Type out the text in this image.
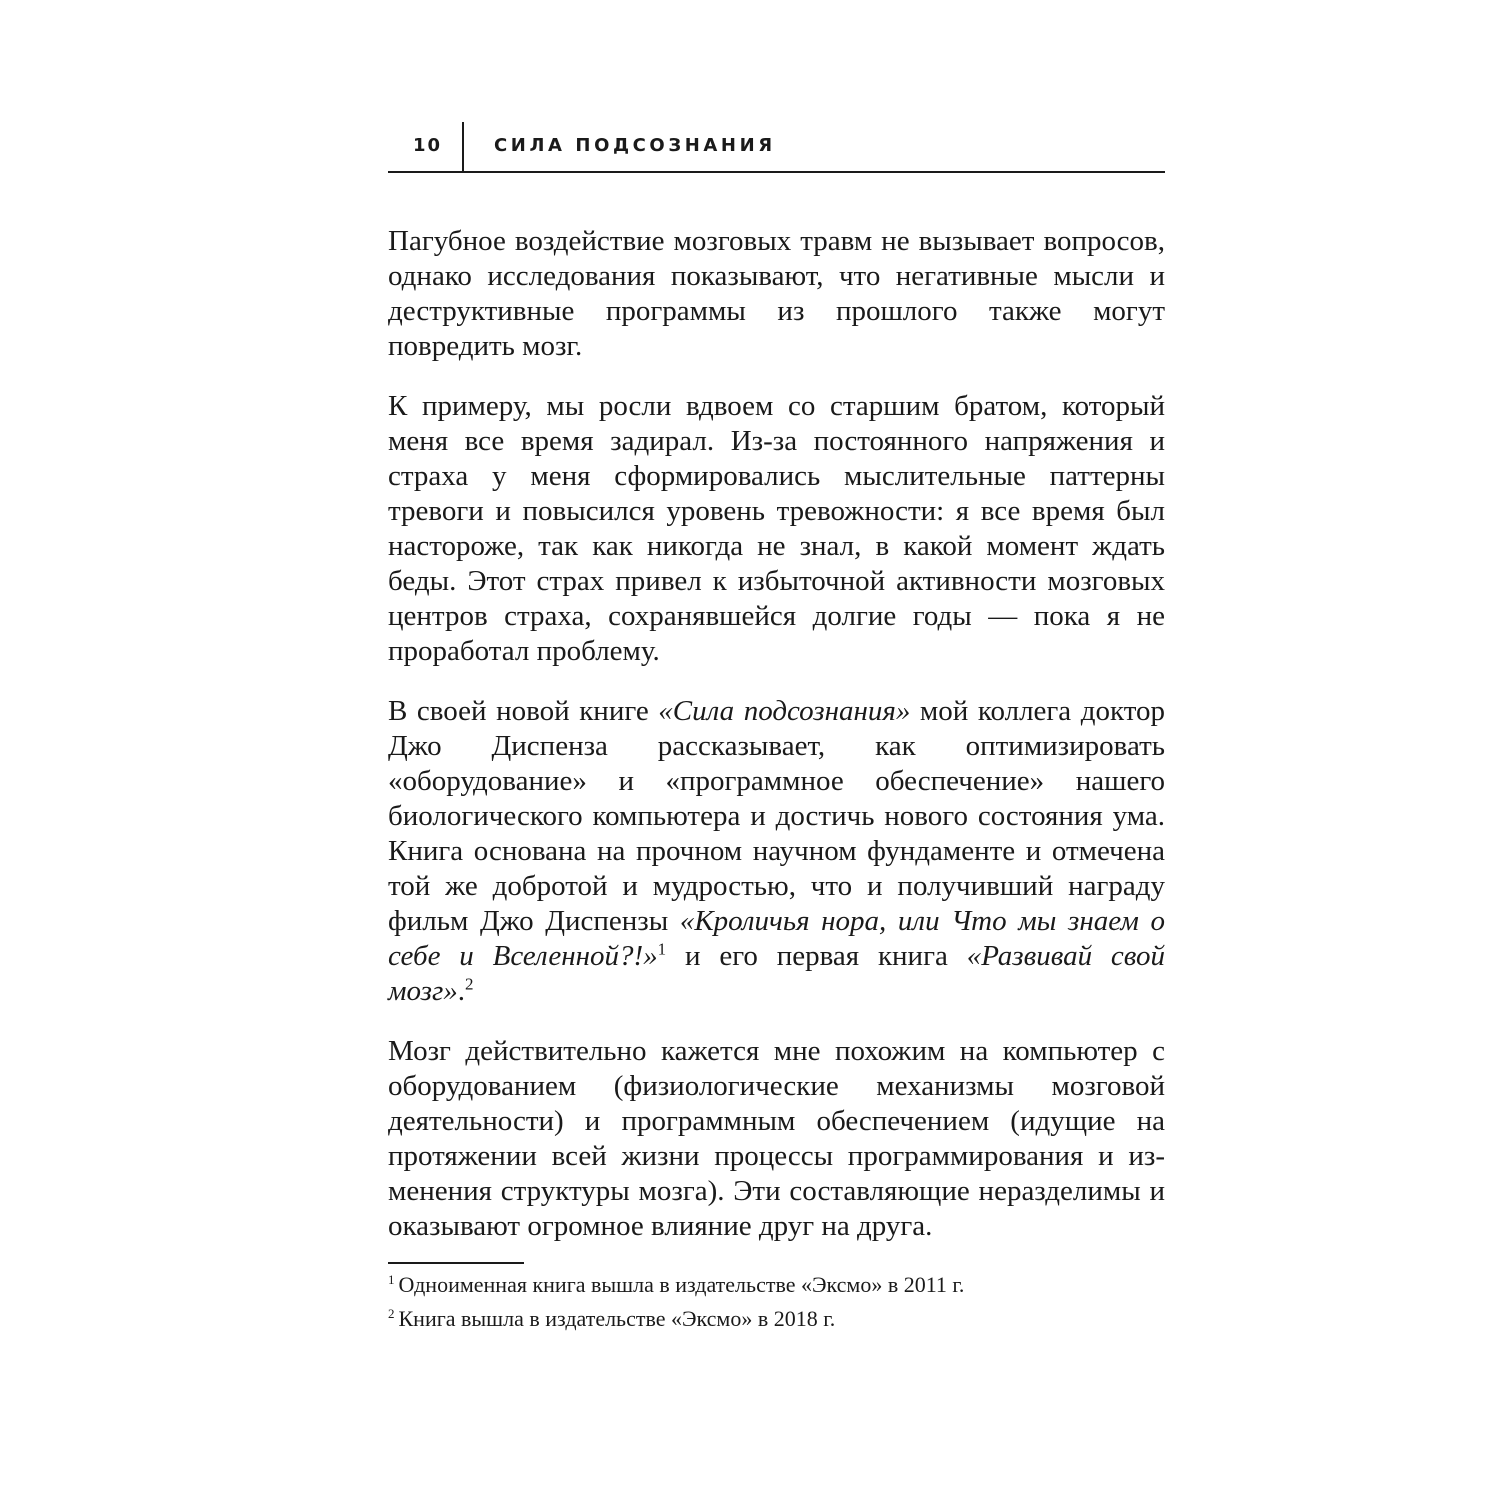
10	СИЛА ПОДСОЗНАНИЯ

Пагубное воздействие мозговых травм не вызывает вопросов, однако исследования показывают, что негативные мысли и деструктивные программы из прошлого также могут повредить мозг.

К примеру, мы росли вдвоем со старшим братом, который меня все время задирал. Из-за постоянного напряжения и страха у меня сформировались мыслительные паттерны тревоги и повысился уровень тревожности: я все время был настороже, так как никогда не знал, в какой момент ждать беды. Этот страх привел к избыточной активности мозговых центров страха, сохранявшейся долгие годы — пока я не проработал проблему.

В своей новой книге «Сила подсознания» мой коллега доктор Джо Диспенза рассказывает, как оптимизировать «оборудование» и «программное обеспечение» нашего биологического компьютера и достичь нового состояния ума. Книга основана на прочном научном фундаменте и отмечена той же добротой и мудростью, что и получивший награду фильм Джо Диспензы «Кроличья нора, или Что мы знаем о себе и Вселенной?!»$^1$ и его первая книга «Развивай свой мозг».$^2$

Мозг действительно кажется мне похожим на компьютер с оборудованием (физиологические механизмы мозговой деятельности) и программным обеспечением (идущие на протяжении всей жизни процессы программирования и изменения структуры мозга). Эти составляющие неразделимы и оказывают огромное влияние друг на друга.

$^1$ Одноименная книга вышла в издательстве «Эксмо» в 2011 г.

$^2$ Книга вышла в издательстве «Эксмо» в 2018 г.
